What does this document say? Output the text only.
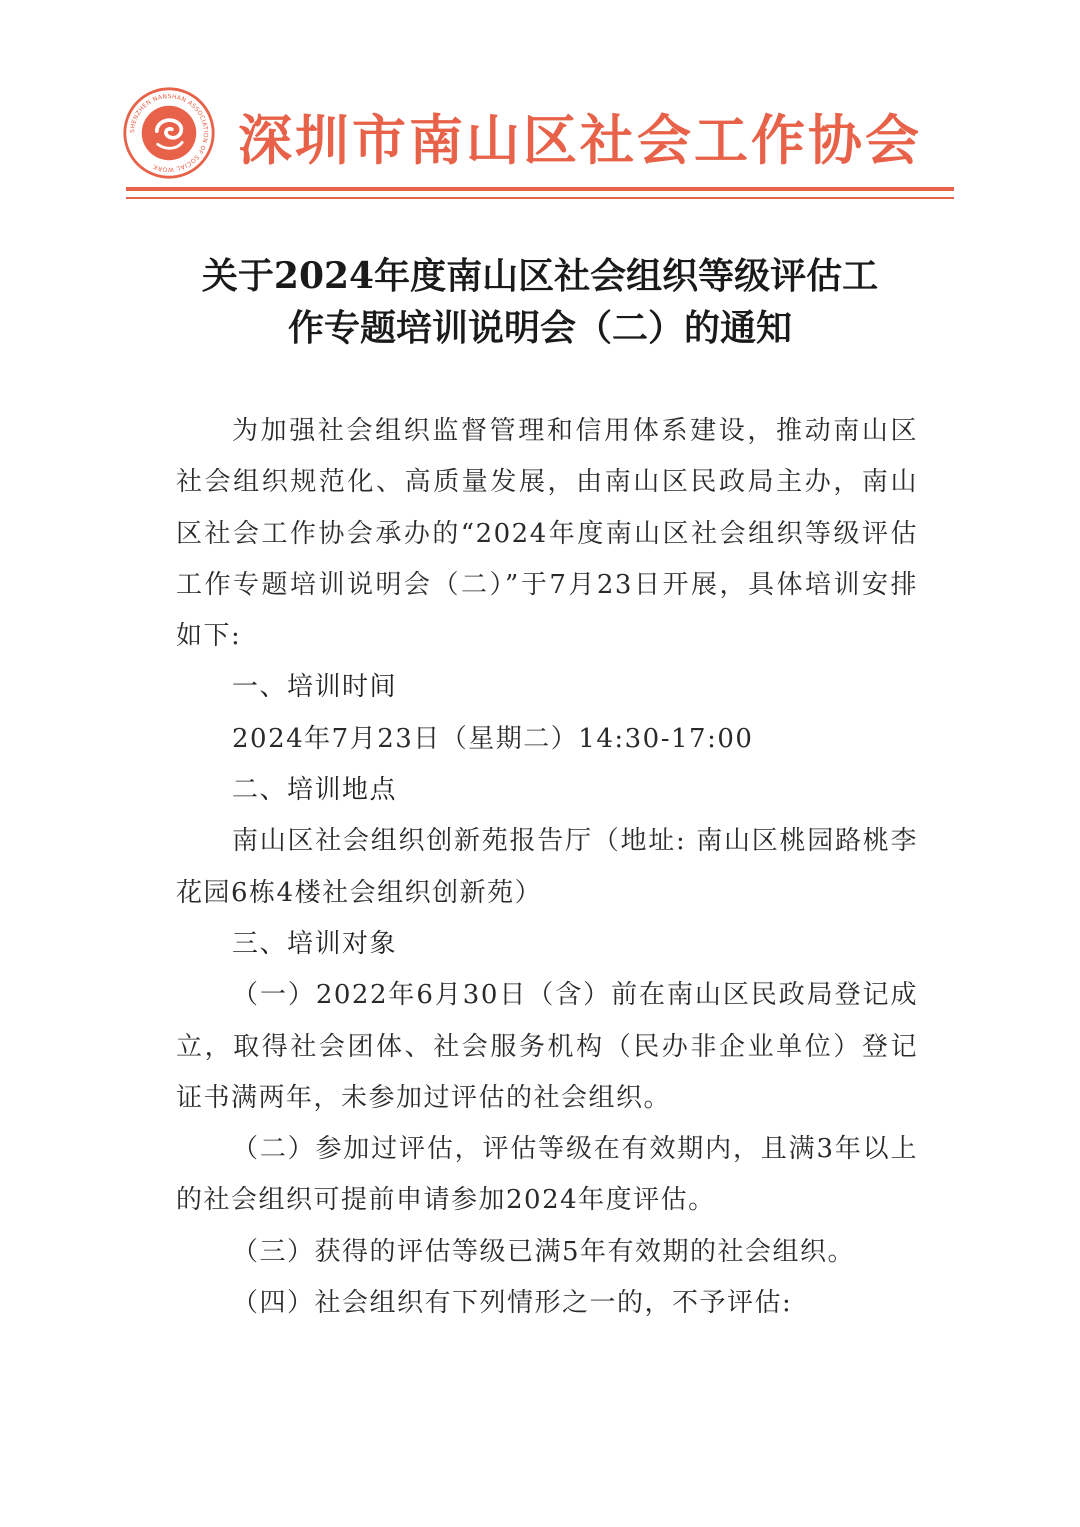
SHENZHEN NANSHAN ASSOCIATION OF SOCIAL WORK	深圳市南山区社会工作协会
关于2024年度南山区社会组织等级评估工
作专题培训说明会（二）的通知

为加强社会组织监督管理和信用体系建设，推动南山区社会组织规范化、高质量发展，由南山区民政局主办，南山区社会工作协会承办的“2024年度南山区社会组织等级评估工作专题培训说明会（二）”于7月23日开展，具体培训安排如下:

一、培训时间

2024年7月23日（星期二）14:30-17:00

二、培训地点

南山区社会组织创新苑报告厅（地址: 南山区桃园路桃李花园6栋4楼社会组织创新苑）

三、培训对象

（一）2022年6月30日（含）前在南山区民政局登记成立，取得社会团体、社会服务机构（民办非企业单位）登记证书满两年，未参加过评估的社会组织。

（二）参加过评估，评估等级在有效期内，且满3年以上的社会组织可提前申请参加2024年度评估。

（三）获得的评估等级已满5年有效期的社会组织。

（四）社会组织有下列情形之一的，不予评估:
